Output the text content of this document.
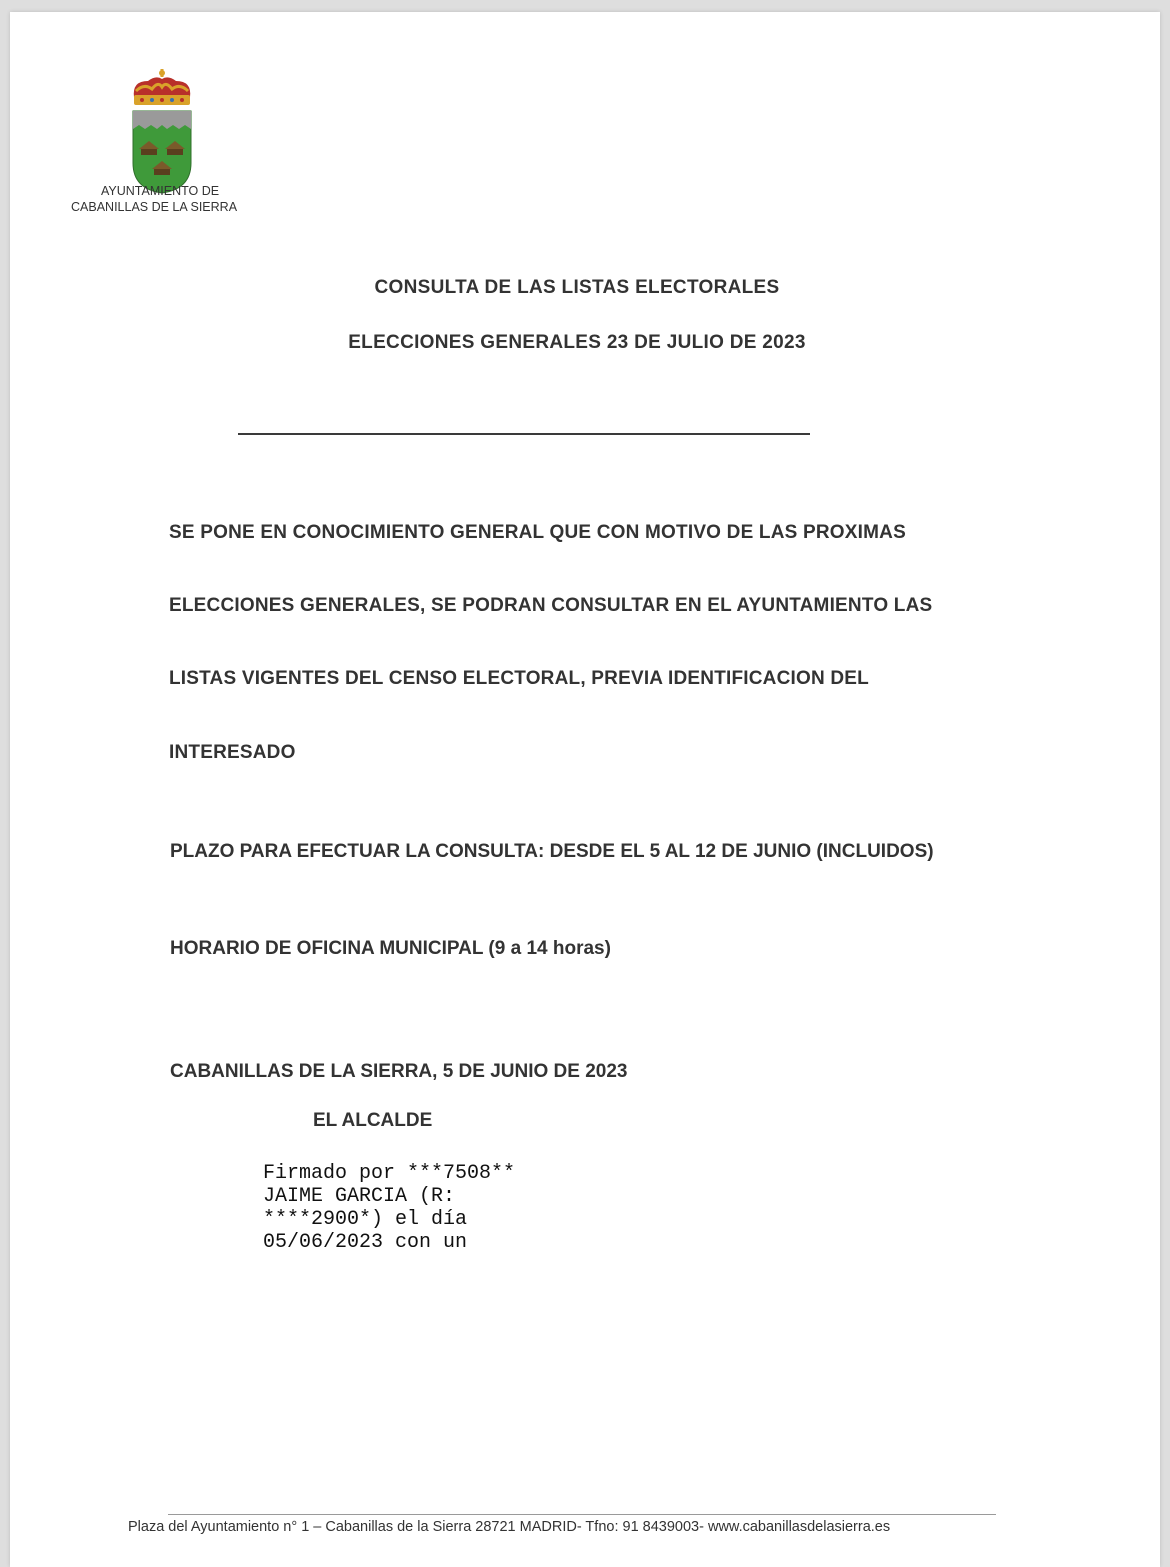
AYUNTAMIENTO DE
CABANILLAS DE LA SIERRA
CONSULTA DE LAS LISTAS ELECTORALES
ELECCIONES GENERALES 23 DE JULIO DE 2023
SE PONE EN CONOCIMIENTO GENERAL QUE CON MOTIVO DE LAS PROXIMAS
ELECCIONES GENERALES, SE PODRAN CONSULTAR EN EL AYUNTAMIENTO LAS
LISTAS VIGENTES DEL CENSO ELECTORAL, PREVIA IDENTIFICACION DEL
INTERESADO
PLAZO PARA EFECTUAR LA CONSULTA: DESDE EL 5 AL 12 DE JUNIO (INCLUIDOS)
HORARIO DE OFICINA MUNICIPAL (9 a 14 horas)
CABANILLAS DE LA SIERRA, 5 DE JUNIO DE 2023
EL ALCALDE
Firmado por ***7508**
JAIME GARCIA (R:
****2900*) el día
05/06/2023 con un
Plaza del Ayuntamiento n° 1 – Cabanillas de la Sierra 28721 MADRID- Tfno: 91 8439003- www.cabanillasdelasierra.es
